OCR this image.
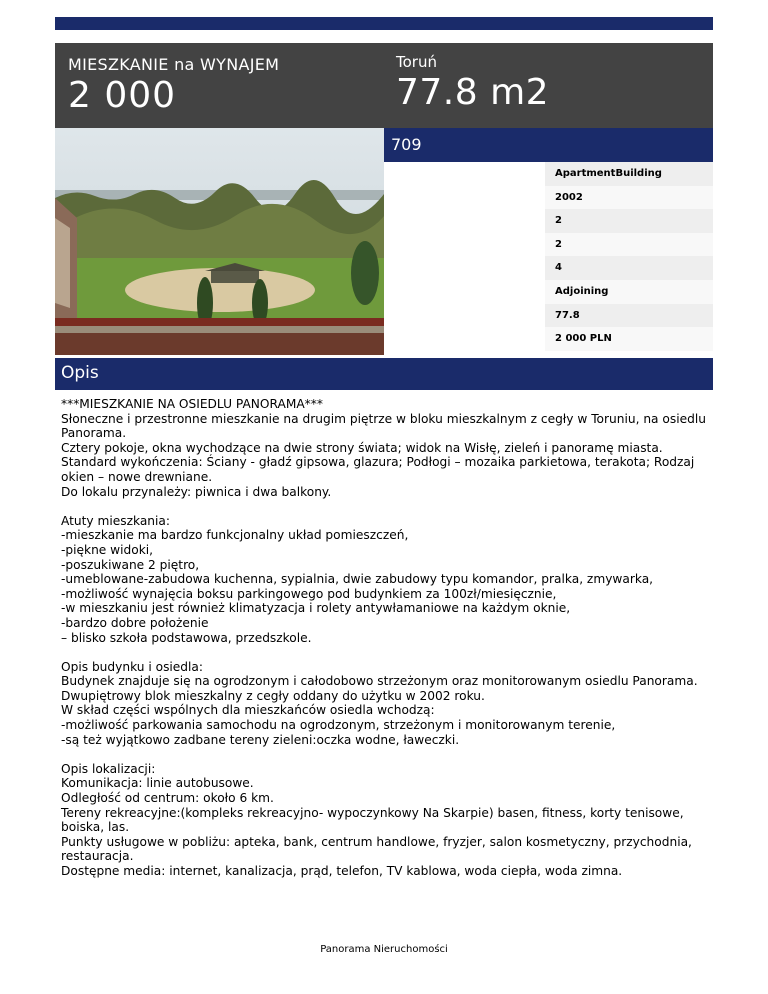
MIESZKANIE na WYNAJEM
2 000
Toruń
77.8 m2
709
ApartmentBuilding
2002
2
2
4
Adjoining
77.8
2 000 PLN
Opis

***MIESZKANIE NA OSIEDLU PANORAMA***

Słoneczne i przestronne mieszkanie na drugim piętrze w bloku mieszkalnym z cegły w Toruniu, na osiedlu Panorama.

Cztery pokoje, okna wychodzące na dwie strony świata; widok na Wisłę, zieleń i panoramę miasta.

Standard wykończenia: Ściany - gładź gipsowa, glazura; Podłogi – mozaika parkietowa, terakota; Rodzaj okien – nowe drewniane.

Do lokalu przynależy: piwnica i dwa balkony.

Atuty mieszkania:

-mieszkanie ma bardzo funkcjonalny układ pomieszczeń,

-piękne widoki,

-poszukiwane 2 piętro,

-umeblowane-zabudowa kuchenna, sypialnia, dwie zabudowy typu komandor, pralka, zmywarka,

-możliwość wynajęcia boksu parkingowego pod budynkiem za 100zł/miesięcznie,

-w mieszkaniu jest również klimatyzacja i rolety antywłamaniowe na każdym oknie,

-bardzo dobre położenie

– blisko szkoła podstawowa, przedszkole.

Opis budynku i osiedla:

Budynek znajduje się na ogrodzonym i całodobowo strzeżonym oraz monitorowanym osiedlu Panorama.

Dwupiętrowy blok mieszkalny z cegły oddany do użytku w 2002 roku.

W skład części wspólnych dla mieszkańców osiedla wchodzą:

-możliwość parkowania samochodu na ogrodzonym, strzeżonym i monitorowanym terenie,

-są też wyjątkowo zadbane tereny zieleni:oczka wodne, ławeczki.

Opis lokalizacji:

Komunikacja: linie autobusowe.

Odległość od centrum: około 6 km.

Tereny rekreacyjne:(kompleks rekreacyjno- wypoczynkowy Na Skarpie) basen, fitness, korty tenisowe, boiska, las.

Punkty usługowe w pobliżu: apteka, bank, centrum handlowe, fryzjer, salon kosmetyczny, przychodnia, restauracja.

Dostępne media: internet, kanalizacja, prąd, telefon, TV kablowa, woda ciepła, woda zimna.

Panorama Nieruchomości
